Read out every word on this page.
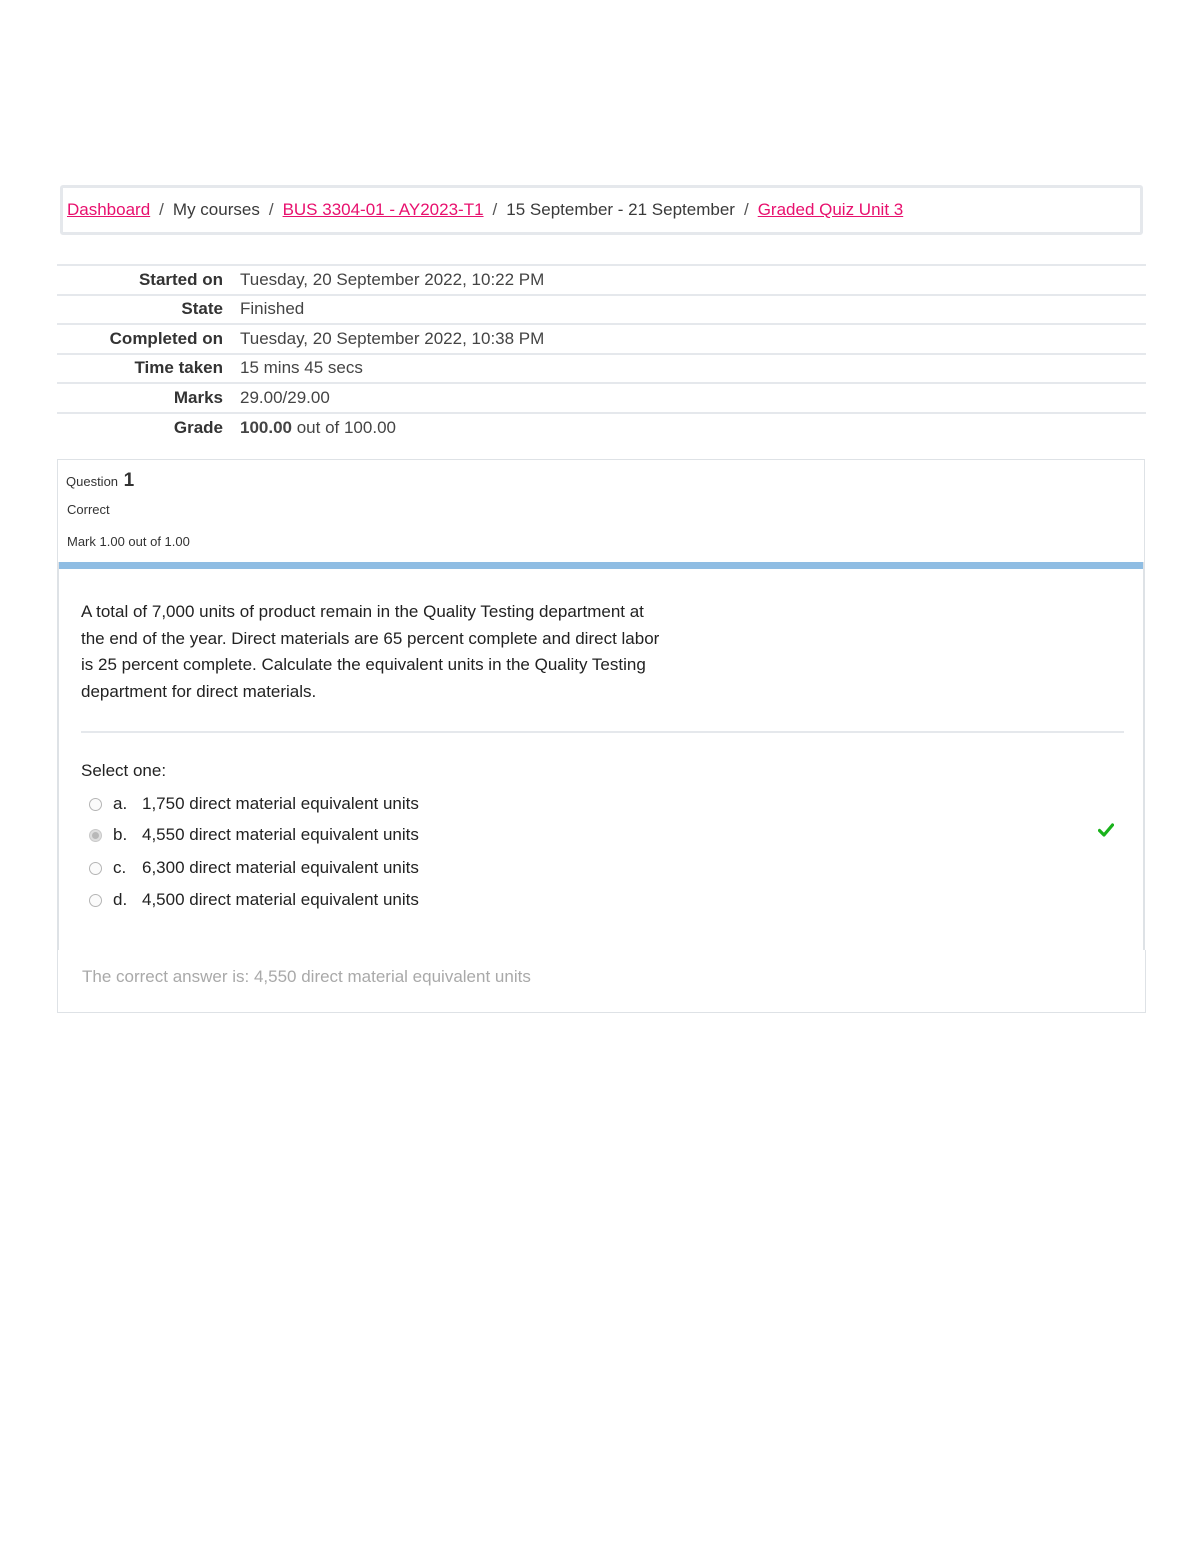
Dashboard / My courses / BUS 3304-01 - AY2023-T1 / 15 September - 21 September / Graded Quiz Unit 3
Started on	Tuesday, 20 September 2022, 10:22 PM
State	Finished
Completed on	Tuesday, 20 September 2022, 10:38 PM
Time taken	15 mins 45 secs
Marks	29.00/29.00
Grade	100.00 out of 100.00
Question 1
Correct
Mark 1.00 out of 1.00
A total of 7,000 units of product remain in the Quality Testing department at the end of the year. Direct materials are 65 percent complete and direct labor is 25 percent complete. Calculate the equivalent units in the Quality Testing department for direct materials.
Select one:
a. 1,750 direct material equivalent units
b. 4,550 direct material equivalent units
c. 6,300 direct material equivalent units
d. 4,500 direct material equivalent units
The correct answer is: 4,550 direct material equivalent units
